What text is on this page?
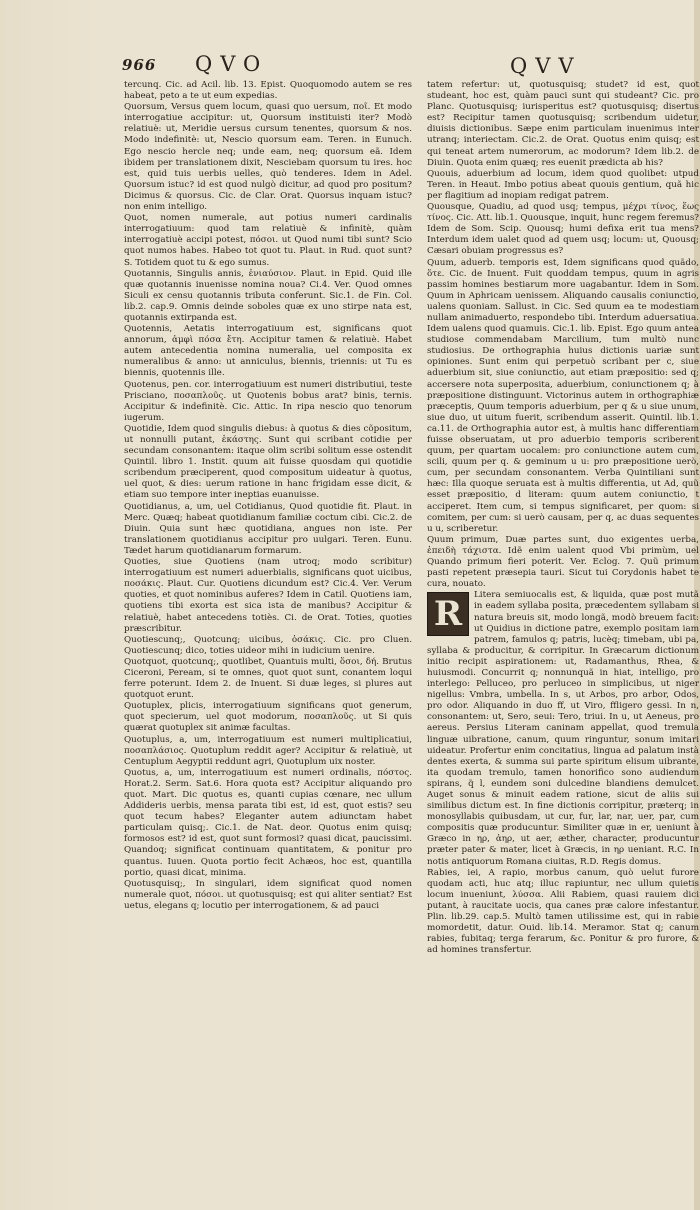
966 QVO	QVV

tercunq. Cic. ad Acil. lib. 13. Epist. Quoquomodo autem se res habeat, peto a te ut eum expedias.

Quorsum, Versus quem locum, quasi quo uersum, ποῖ. Et modo interrogatiue accipitur: ut, Quorsum instituisti iter? Modò relatiuè: ut, Meridie uersus cursum tenentes, quorsum & nos. Modo indefinitè: ut, Nescio quorsum eam. Teren. in Eunuch. Ego nescio hercle neq; unde eam, neq; quorsum eã. Idem ibidem per translationem dixit, Nesciebam quorsum tu ires. hoc est, quid tuis uerbis uelles, quò tenderes. Idem in Adel. Quorsum istuc? id est quod nulgò dicitur, ad quod pro positum? Dicimus & quorsus. Cic. de Clar. Orat. Quorsus inquam istuc? non enim intelligo.

Quot, nomen numerale, aut potius numeri cardinalis interrogatiuum: quod tam relatiuè & infinitè, quàm interrogatiuè accipi potest, πόσοι. ut Quod numi tibi sunt? Scio quot numos habes. Habeo tot quot tu. Plaut. in Rud. quot sunt? S. Totidem quot tu & ego sumus.

Quotannis, Singulis annis, ἐνιαύσιον. Plaut. in Epid. Quid ille quæ quotannis inuenisse nomina noua? Ci.4. Ver. Quod omnes Siculi ex censu quotannis tributa conferunt. Sic.1. de Fin. Col. lib.2. cap.9. Omnis deinde soboles quæ ex uno stirpe nata est, quotannis extirpanda est.

Quotennis, Aetatis interrogatiuum est, significans quot annorum, ἀμφὶ πόσα ἔτη. Accipitur tamen & relatiuè. Habet autem antecedentia nomina numeralia, uel composita ex numeralibus & anno: ut anniculus, biennis, triennis: ut Tu es biennis, quotennis ille.

Quotenus, pen. cor. interrogatiuum est numeri distributiui, teste Prisciano, ποσαπλοῦς. ut Quotenis bobus arat? binis, ternis. Accipitur & indefinitè. Cic. Attic. In ripa nescio quo tenorum iugerum.

Quotidie, Idem quod singulis diebus: à quotus & dies cõpositum, ut nonnulli putant, ἑκάστης. Sunt qui scribant cotidie per secundam consonantem: itaque olim scribi solitum esse ostendit Quintil. libro 1. Instit. quum ait fuisse quosdam qui quotidie scribendum præciperent, quod compositum uideatur à quotus, uel quot, & dies: uerum ratione in hanc frigidam esse dicit, & etiam suo tempore inter ineptias euanuisse.

Quotidianus, a, um, uel Cotidianus, Quod quotidie fit. Plaut. in Merc. Quæq; habeat quotidianum familiæ coctum cibi. Cic.2. de Diuin. Quia sunt hæc quotidiana, angues non iste. Per translationem quotidianus accipitur pro uulgari. Teren. Eunu. Tædet harum quotidianarum formarum.

Quoties, siue Quotiens (nam utroq; modo scribitur) interrogatiuum est numeri aduerbialis, significans quot uicibus, ποσάκις. Plaut. Cur. Quotiens dicundum est? Cic.4. Ver. Verum quoties, et quot nominibus auferes? Idem in Catil. Quotiens iam, quotiens tibi exorta est sica ista de manibus? Accipitur & relatiuè, habet antecedens totiès. Ci. de Orat. Toties, quoties præscribitur.

Quotiescunq;, Quotcunq; uicibus, ὁσάκις. Cic. pro Cluen. Quotiescunq; dico, toties uideor mihi in iudicium uenire.

Quotquot, quotcunq;, quotlibet, Quantuis multi, ὅσοι, δή. Brutus Ciceroni, Peream, si te omnes, quot quot sunt, conantem loqui ferre poterunt. Idem 2. de Inuent. Si duæ leges, si plures aut quotquot erunt.

Quotuplex, plicis, interrogatiuum significans quot generum, quot specierum, uel quot modorum, ποσαπλοῦς. ut Si quis quærat quotuplex sit animæ facultas.

Quotuplus, a, um, interrogatiuum est numeri multiplicatiui, ποσαπλάσιος. Quotuplum reddit ager? Accipitur & relatiuè, ut Centuplum Aegyptii reddunt agri, Quotuplum uix noster.

Quotus, a, um, interrogatiuum est numeri ordinalis, πόστος. Horat.2. Serm. Sat.6. Hora quota est? Accipitur aliquando pro quot. Mart. Dic quotus es, quanti cupias cœnare, nec ullum Addideris uerbis, mensa parata tibi est, id est, quot estis? seu quot tecum habes? Eleganter autem adiunctam habet particulam quisq;. Cic.1. de Nat. deor. Quotus enim quisq; formosos est? id est, quot sunt formosi? quasi dicat, paucissimi. Quandoq; significat continuam quantitatem, & ponitur pro quantus. Iuuen. Quota portio fecit Achæos, hoc est, quantilla portio, quasi dicat, minima.

Quotusquisq;, In singulari, idem significat quod nomen numerale quot, πόσοι. ut quotusquisq; est qui aliter sentiat? Est uetus, elegans q; locutio per interrogationem, & ad pauci

tatem refertur: ut, quotusquisq; studet? id est, quot studeant, hoc est, quàm pauci sunt qui studeant? Cic. pro Planc. Quotusquisq; iurisperitus est? quotusquisq; disertus est? Recipitur tamen quotusquisq; scribendum uidetur, diuisis dictionibus. Sæpe enim particulam inuenimus inter utranq; interiectam. Cic.2. de Orat. Quotus enim quisq; est qui teneat artem numerorum, ac modorum? Idem lib.2. de Diuin. Quota enim quæq; res euenit prædicta ab his?

Quouis, aduerbium ad locum, idem quod quolibet: utpud Teren. in Heaut. Imbo potius abeat quouis gentium, quã hic per flagitium ad inopiam redigat patrem.

Quousque, Quadiu, ad quod usq; tempus, μέχρι τίνος, ἕως τίνος. Cic. Att. lib.1. Quousque, inquit, hunc regem feremus? Idem de Som. Scip. Quousq; humi defixa erit tua mens? Interdum idem ualet quod ad quem usq; locum: ut, Quousq; Cæsari obuiam progressus es?

Quum, aduerb. temporis est, Idem significans quod quãdo, ὅτε. Cic. de Inuent. Fuit quoddam tempus, quum in agris passim homines bestiarum more uagabantur. Idem in Som. Quum in Aphricam uenissem. Aliquando causalis coniunctio, ualens quoniam. Sallust. in Cic. Sed quum ea te modestiam nullam animaduerto, respondebo tibi. Interdum aduersatiua. Idem ualens quod quamuis. Cic.1. lib. Epist. Ego quum antea studiose commendabam Marcilium, tum multò nunc studiosius. De orthographia huius dictionis uariæ sunt opiniones. Sunt enim qui perpetuò scribant per c, siue aduerbium sit, siue coniunctio, aut etiam præpositio: sed q; accersere nota superposita, aduerbium, coniunctionem q; à præpositione distinguunt. Victorinus autem in orthographiæ præceptis, Quum temporis aduerbium, per q & u siue unum, siue duo, ut uitum fuerit, scribendum asserit. Quintil. lib.1. ca.11. de Orthographia autor est, à multis hanc differentiam fuisse obseruatam, ut pro aduerbio temporis scriberent quum, per quartam uocalem: pro coniunctione autem cum, scili, quum per q. & geminum u u: pro præpositione uerò, cum, per secundam consonantem. Verba Quintiliani sunt hæc: Illa quoque seruata est à multis differentia, ut Ad, quũ esset præpositio, d literam: quum autem coniunctio, t acciperet. Item cum, si tempus significaret, per quom: si comitem, per cum: si uerò causam, per q, ac duas sequentes u u, scriberetur.

Quum primum, Duæ partes sunt, duo exigentes uerba, ἐπειδὴ τάχιστα. Idẽ enim ualent quod Vbi primùm, uel Quando primum fieri poterit. Ver. Eclog. 7. Quũ primum pasti repetent præsepia tauri. Sicut tui Corydonis habet te cura, nouato.

R	Litera semiuocalis est, & liquida, quæ post mutã in eadem syllaba posita, præcedentem syllabam si natura breuis sit, modo longã, modò breuem facit: ut Quidius in dictione patre, exemplo positam iam patrem, famulos q; patris, lucèq; timebam, ubi pa, syllaba & producitur, & corripitur. In Græcarum dictionum initio recipit aspirationem: ut, Radamanthus, Rhea, & huiusmodi. Concurrit q; nonnunquã in hiat, intelligo, pro interlego: Pelluceo, pro perluceo in simplicibus, ut niger nigellus: Vmbra, umbella. In s, ut Arbos, pro arbor, Odos, pro odor. Aliquando in duo ff, ut Viro, ffligero gessi. In n, consonantem: ut, Sero, seui: Tero, triui. In u, ut Aeneus, pro aereus. Persius Literam caninam appellat, quod tremula linguæ uibratione, canum, quum ringuntur, sonum imitari uideatur. Profertur enim concitatius, lingua ad palatum instà dentes exerta, & summa sui parte spiritum elisum uibrante, ita quodam tremulo, tamen honorifico sono audiendum spirans, q̃ l, eundem soni dulcedine blandiens demulcet. Auget sonus & minuit eadem ratione, sicut de aliis sui similibus dictum est. In fine dictionis corripitur, præterq; in monosyllabis quibusdam, ut cur, fur, lar, nar, uer, par, cum compositis quæ producuntur. Similiter quæ in er, ueniunt à Græco in ηρ, ἀηρ, ut aer, æther, character, producuntur præter pater & mater, licet à Græcis, in ηρ ueniant. R.C. In notis antiquorum Romana ciuitas, R.D. Regis domus.

Rabies, iei, A rapio, morbus canum, quò uelut furore quodam acti, huc atq; illuc rapiuntur, nec ullum quietis locum inueniunt, λύσσα. Alii Rabiem, quasi rauiem dici putant, à raucitate uocis, qua canes præ calore infestantur. Plin. lib.29. cap.5. Multò tamen utilissime est, qui in rabie momordetit, datur. Ouid. lib.14. Meramor. Stat q; canum rabies, fubitaq; terga ferarum, &c. Ponitur & pro furore, & ad homines transfertur.
